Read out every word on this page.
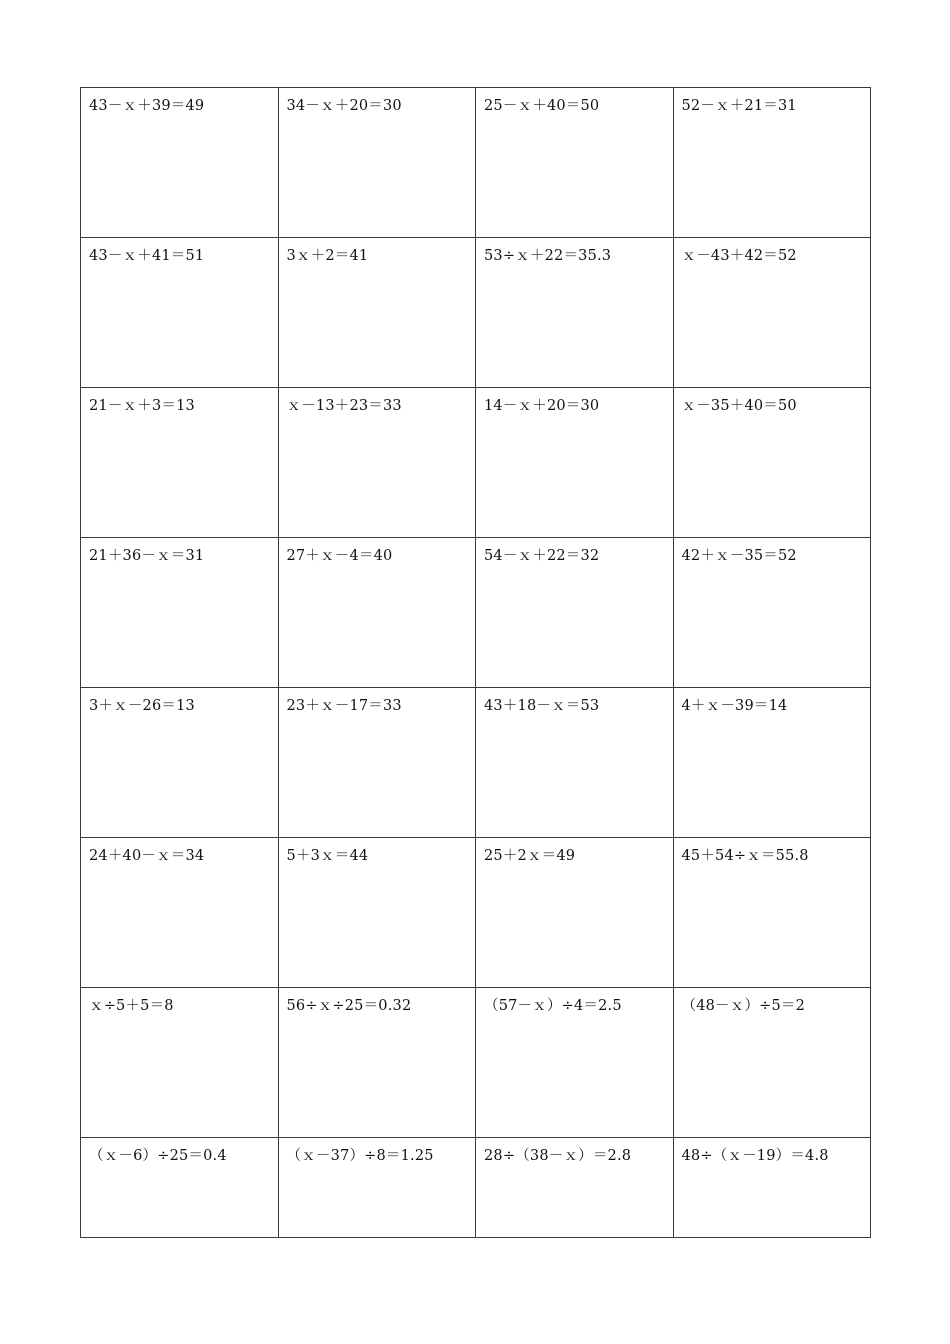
43－ｘ＋39＝49	34－ｘ＋20＝30	25－ｘ＋40＝50	52－ｘ＋21＝31

43－ｘ＋41＝51	3ｘ＋2＝41	53÷ｘ＋22＝35.3	ｘ－43＋42＝52

21－ｘ＋3＝13	ｘ－13＋23＝33	14－ｘ＋20＝30	ｘ－35＋40＝50

21＋36－ｘ＝31	27＋ｘ－4＝40	54－ｘ＋22＝32	42＋ｘ－35＝52

3＋ｘ－26＝13	23＋ｘ－17＝33	43＋18－ｘ＝53	4＋ｘ－39＝14

24＋40－ｘ＝34	5＋3ｘ＝44	25＋2ｘ＝49	45＋54÷ｘ＝55.8

ｘ÷5＋5＝8	56÷ｘ÷25＝0.32	（57－ｘ）÷4＝2.5	（48－ｘ）÷5＝2

（ｘ－6）÷25＝0.4	（ｘ－37）÷8＝1.25	28÷（38－ｘ）＝2.8	48÷（ｘ－19）＝4.8
